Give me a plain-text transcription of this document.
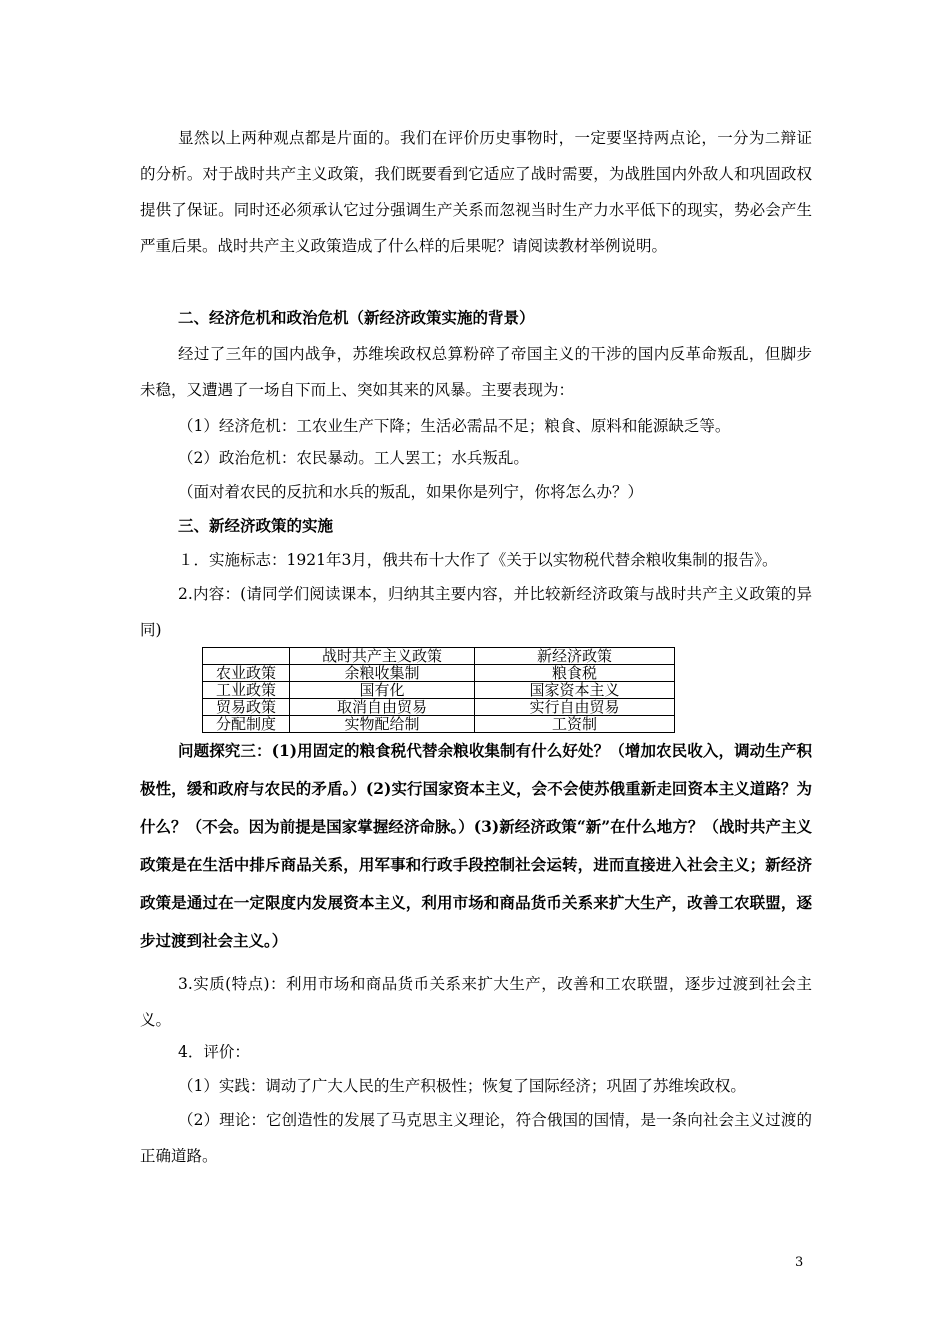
显然以上两种观点都是片面的。我们在评价历史事物时，一定要坚持两点论，一分为二辩证的分析。对于战时共产主义政策，我们既要看到它适应了战时需要，为战胜国内外敌人和巩固政权提供了保证。同时还必须承认它过分强调生产关系而忽视当时生产力水平低下的现实，势必会产生严重后果。战时共产主义政策造成了什么样的后果呢？请阅读教材举例说明。

二、经济危机和政治危机（新经济政策实施的背景）

经过了三年的国内战争，苏维埃政权总算粉碎了帝国主义的干涉的国内反革命叛乱，但脚步未稳，又遭遇了一场自下而上、突如其来的风暴。主要表现为：

（1）经济危机：工农业生产下降；生活必需品不足；粮食、原料和能源缺乏等。

（2）政治危机：农民暴动。工人罢工；水兵叛乱。

（面对着农民的反抗和水兵的叛乱，如果你是列宁，你将怎么办？）

三、新经济政策的实施

１．实施标志：1921年3月，俄共布十大作了《关于以实物税代替余粮收集制的报告》。

2.内容：(请同学们阅读课本，归纳其主要内容，并比较新经济政策与战时共产主义政策的异同)

	战时共产主义政策	新经济政策
农业政策	余粮收集制	粮食税
工业政策	国有化	国家资本主义
贸易政策	取消自由贸易	实行自由贸易
分配制度	实物配给制	工资制

问题探究三：(1)用固定的粮食税代替余粮收集制有什么好处？（增加农民收入，调动生产积极性，缓和政府与农民的矛盾。）(2)实行国家资本主义，会不会使苏俄重新走回资本主义道路？为什么？（不会。因为前提是国家掌握经济命脉。）(3)新经济政策“新”在什么地方？（战时共产主义政策是在生活中排斥商品关系，用军事和行政手段控制社会运转，进而直接进入社会主义；新经济政策是通过在一定限度内发展资本主义，利用市场和商品货币关系来扩大生产，改善工农联盟，逐步过渡到社会主义。）

3.实质(特点)：利用市场和商品货币关系来扩大生产，改善和工农联盟，逐步过渡到社会主义。

4．评价：

（1）实践：调动了广大人民的生产积极性；恢复了国际经济；巩固了苏维埃政权。

（2）理论：它创造性的发展了马克思主义理论，符合俄国的国情，是一条向社会主义过渡的正确道路。

3
